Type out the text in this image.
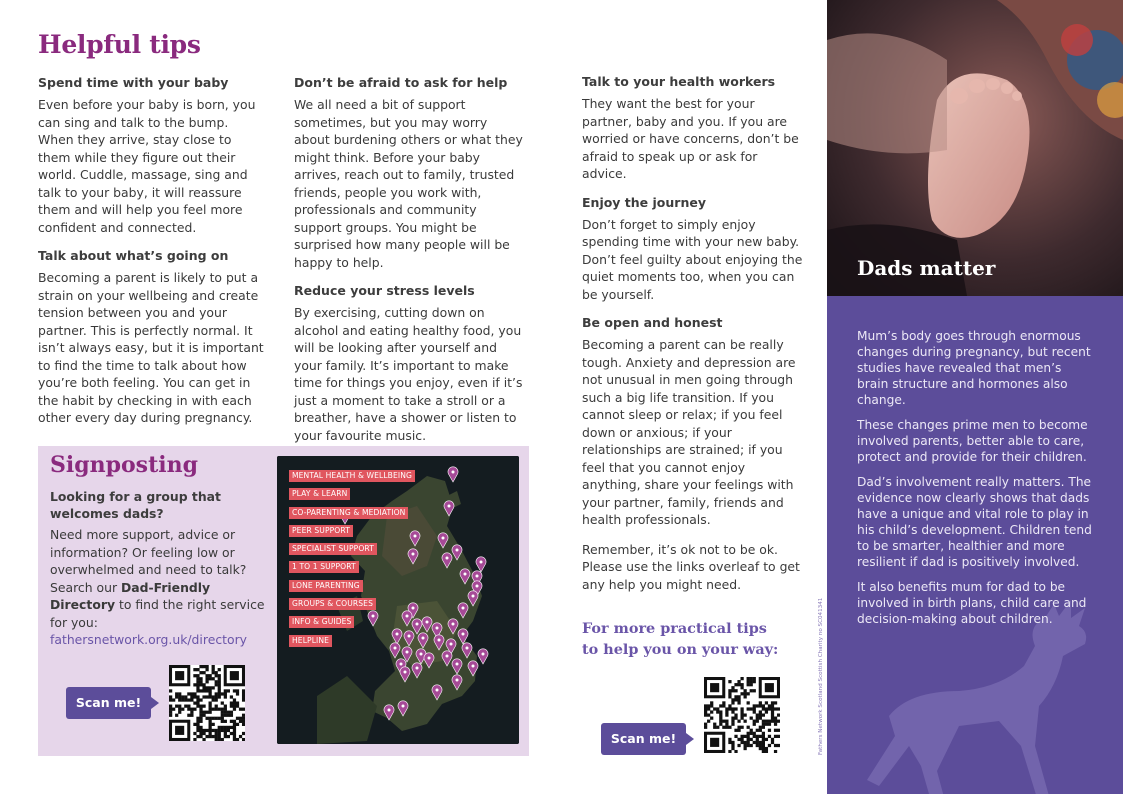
Helpful tips
Spend time with your baby

Even before your baby is born, you can sing and talk to the bump. When they arrive, stay close to them while they figure out their world. Cuddle, massage, sing and talk to your baby, it will reassure them and will help you feel more confident and connected.

Talk about what’s going on

Becoming a parent is likely to put a strain on your wellbeing and create tension between you and your partner. This is perfectly normal. It isn’t always easy, but it is important to find the time to talk about how you’re both feeling. You can get in the habit by checking in with each other every day during pregnancy.

Don’t be afraid to ask for help

We all need a bit of support sometimes, but you may worry about burdening others or what they might think. Before your baby arrives, reach out to family, trusted friends, people you work with, professionals and community support groups. You might be surprised how many people will be happy to help.

Reduce your stress levels

By exercising, cutting down on alcohol and eating healthy food, you will be looking after yourself and your family. It’s important to make time for things you enjoy, even if it’s just a moment to take a stroll or a breather, have a shower or listen to your favourite music.

Talk to your health workers

They want the best for your partner, baby and you. If you are worried or have concerns, don’t be afraid to speak up or ask for advice.

Enjoy the journey

Don’t forget to simply enjoy spending time with your new baby. Don’t feel guilty about enjoying the quiet moments too, when you can be yourself.

Be open and honest

Becoming a parent can be really tough. Anxiety and depression are not unusual in men going through such a big life transition. If you cannot sleep or relax; if you feel down or anxious; if your relationships are strained; if you feel that you cannot enjoy anything, share your feelings with your partner, family, friends and health professionals.

Remember, it’s ok not to be ok. Please use the links overleaf to get any help you might need.

Signposting
Looking for a group that welcomes dads?
Need more support, advice or information? Or feeling low or overwhelmed and need to talk? Search our Dad-Friendly Directory to find the right service for you:
fathersnetwork.org.uk/directory
Scan me!
MENTAL HEALTH & WELLBEING
PLAY & LEARN
CO-PARENTING & MEDIATION
PEER SUPPORT
SPECIALIST SUPPORT
1 TO 1 SUPPORT
LONE PARENTING
GROUPS & COURSES
INFO & GUIDES
HELPLINE
For more practical tips
to help you on your way:
Scan me!	Fathers Network Scotland Scottish Charity no SC041341
Dads matter

Mum’s body goes through enormous changes during pregnancy, but recent studies have revealed that men’s brain structure and hormones also change.

These changes prime men to become involved parents, better able to care, protect and provide for their children.

Dad’s involvement really matters. The evidence now clearly shows that dads have a unique and vital role to play in his child’s development. Children tend to be smarter, healthier and more resilient if dad is positively involved.

It also benefits mum for dad to be involved in birth plans, child care and decision-making about children.
